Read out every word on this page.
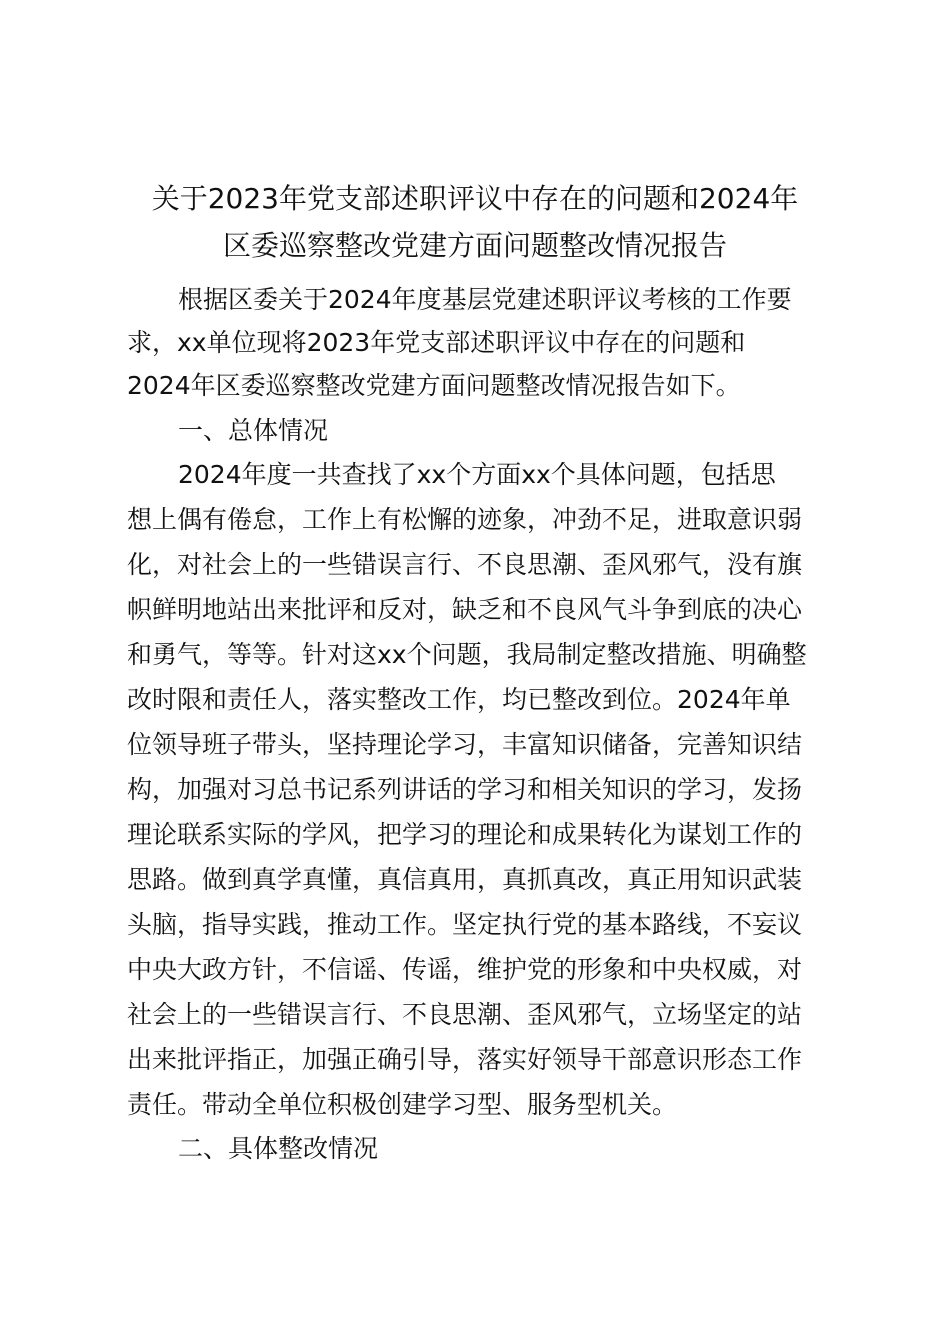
关于2023年党支部述职评议中存在的问题和2024年
区委巡察整改党建方面问题整改情况报告

根据区委关于2024年度基层党建述职评议考核的工作要

求，xx单位现将2023年党支部述职评议中存在的问题和

2024年区委巡察整改党建方面问题整改情况报告如下。

一、总体情况

2024年度一共查找了xx个方面xx个具体问题，包括思

想上偶有倦怠，工作上有松懈的迹象，冲劲不足，进取意识弱

化，对社会上的一些错误言行、不良思潮、歪风邪气，没有旗

帜鲜明地站出来批评和反对，缺乏和不良风气斗争到底的决心

和勇气，等等。针对这xx个问题，我局制定整改措施、明确整

改时限和责任人，落实整改工作，均已整改到位。2024年单

位领导班子带头，坚持理论学习，丰富知识储备，完善知识结

构，加强对习总书记系列讲话的学习和相关知识的学习，发扬

理论联系实际的学风，把学习的理论和成果转化为谋划工作的

思路。做到真学真懂，真信真用，真抓真改，真正用知识武装

头脑，指导实践，推动工作。坚定执行党的基本路线，不妄议

中央大政方针，不信谣、传谣，维护党的形象和中央权威，对

社会上的一些错误言行、不良思潮、歪风邪气，立场坚定的站

出来批评指正，加强正确引导，落实好领导干部意识形态工作

责任。带动全单位积极创建学习型、服务型机关。

二、具体整改情况
